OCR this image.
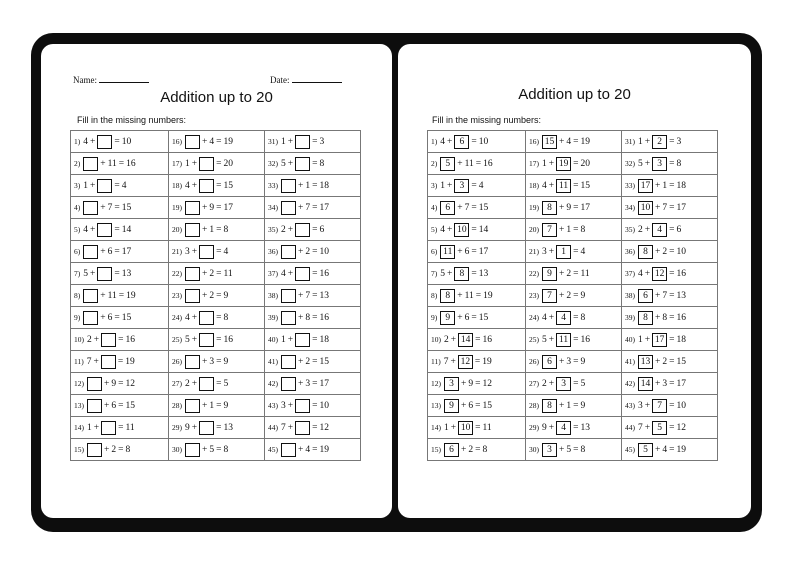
Name:	Date:
Addition up to 20
Fill in the missing numbers:
1) 4 + = 10	16) + 4 = 19	31) 1 + = 3
2) + 11 = 16	17) 1 + = 20	32) 5 + = 8
3) 1 + = 4	18) 4 + = 15	33) + 1 = 18
4) + 7 = 15	19) + 9 = 17	34) + 7 = 17
5) 4 + = 14	20) + 1 = 8	35) 2 + = 6
6) + 6 = 17	21) 3 + = 4	36) + 2 = 10
7) 5 + = 13	22) + 2 = 11	37) 4 + = 16
8) + 11 = 19	23) + 2 = 9	38) + 7 = 13
9) + 6 = 15	24) 4 + = 8	39) + 8 = 16
10) 2 + = 16	25) 5 + = 16	40) 1 + = 18
11) 7 + = 19	26) + 3 = 9	41) + 2 = 15
12) + 9 = 12	27) 2 + = 5	42) + 3 = 17
13) + 6 = 15	28) + 1 = 9	43) 3 + = 10
14) 1 + = 11	29) 9 + = 13	44) 7 + = 12
15) + 2 = 8	30) + 5 = 8	45) + 4 = 19
Addition up to 20
Fill in the missing numbers:
1) 4 + 6 = 10	16) 15 + 4 = 19	31) 1 + 2 = 3
2) 5 + 11 = 16	17) 1 + 19 = 20	32) 5 + 3 = 8
3) 1 + 3 = 4	18) 4 + 11 = 15	33) 17 + 1 = 18
4) 6 + 7 = 15	19) 8 + 9 = 17	34) 10 + 7 = 17
5) 4 + 10 = 14	20) 7 + 1 = 8	35) 2 + 4 = 6
6) 11 + 6 = 17	21) 3 + 1 = 4	36) 8 + 2 = 10
7) 5 + 8 = 13	22) 9 + 2 = 11	37) 4 + 12 = 16
8) 8 + 11 = 19	23) 7 + 2 = 9	38) 6 + 7 = 13
9) 9 + 6 = 15	24) 4 + 4 = 8	39) 8 + 8 = 16
10) 2 + 14 = 16	25) 5 + 11 = 16	40) 1 + 17 = 18
11) 7 + 12 = 19	26) 6 + 3 = 9	41) 13 + 2 = 15
12) 3 + 9 = 12	27) 2 + 3 = 5	42) 14 + 3 = 17
13) 9 + 6 = 15	28) 8 + 1 = 9	43) 3 + 7 = 10
14) 1 + 10 = 11	29) 9 + 4 = 13	44) 7 + 5 = 12
15) 6 + 2 = 8	30) 3 + 5 = 8	45) 5 + 4 = 19
